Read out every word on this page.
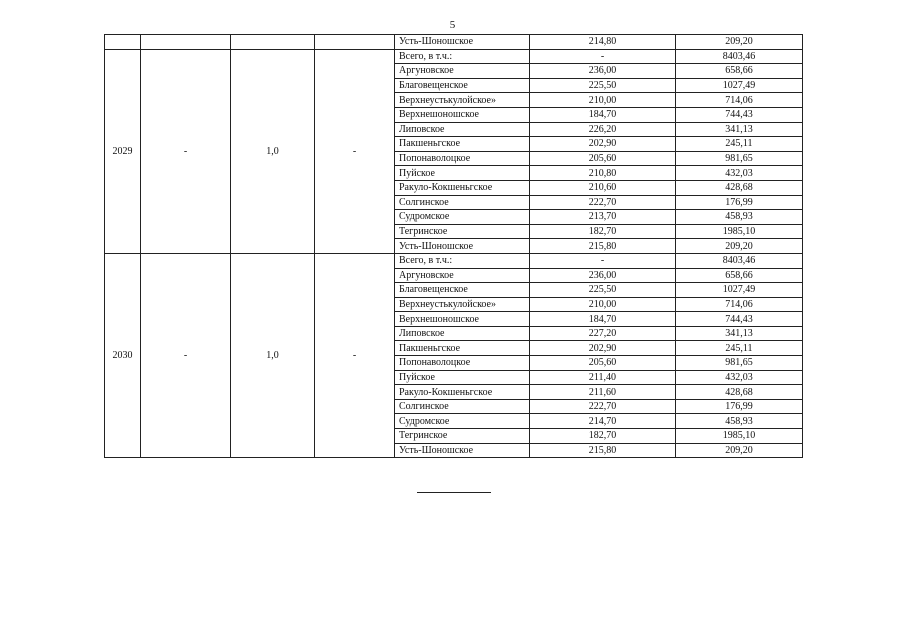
5
				Усть-Шоношское	214,80	209,20
2029	-	1,0	-	Всего, в т.ч.:	-	8403,46
				Аргуновское	236,00	658,66
				Благовещенское	225,50	1027,49
				Верхнеустькулойское»	210,00	714,06
				Верхнешоношское	184,70	744,43
				Липовское	226,20	341,13
				Пакшеньгское	202,90	245,11
				Попонаволоцкое	205,60	981,65
				Пуйское	210,80	432,03
				Ракуло-Кокшеньгское	210,60	428,68
				Солгинское	222,70	176,99
				Судромское	213,70	458,93
				Тегринское	182,70	1985,10
				Усть-Шоношское	215,80	209,20
2030	-	1,0	-	Всего, в т.ч.:	-	8403,46
				Аргуновское	236,00	658,66
				Благовещенское	225,50	1027,49
				Верхнеустькулойское»	210,00	714,06
				Верхнешоношское	184,70	744,43
				Липовское	227,20	341,13
				Пакшеньгское	202,90	245,11
				Попонаволоцкое	205,60	981,65
				Пуйское	211,40	432,03
				Ракуло-Кокшеньгское	211,60	428,68
				Солгинское	222,70	176,99
				Судромское	214,70	458,93
				Тегринское	182,70	1985,10
				Усть-Шоношское	215,80	209,20
